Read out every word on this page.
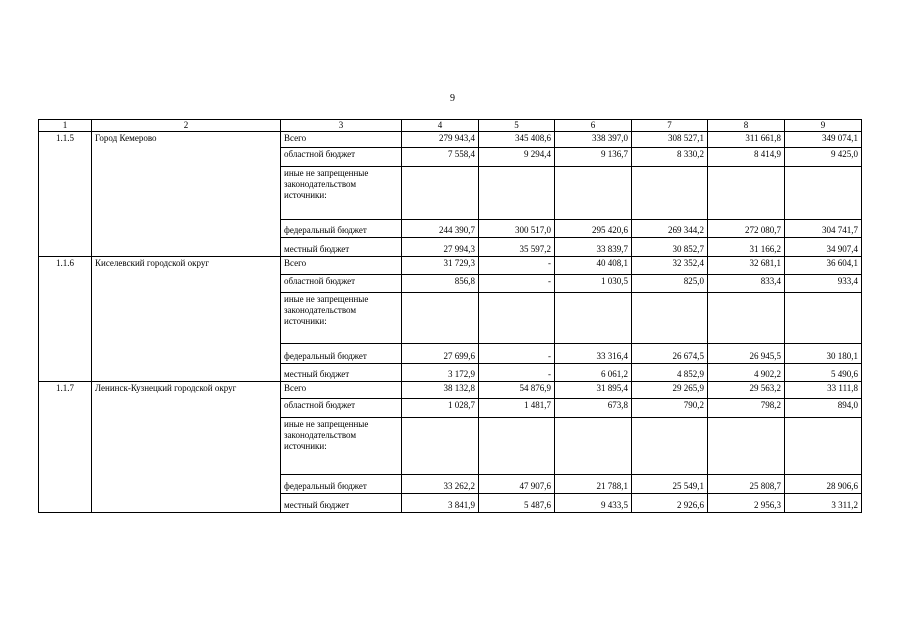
9
1	2	3	4	5	6	7	8	9
1.1.5	Город Кемерово	Всего	279 943,4	345 408,6	338 397,0	308 527,1	311 661,8	349 074,1
		областной бюджет	7 558,4	9 294,4	9 136,7	8 330,2	8 414,9	9 425,0
		иные не запрещенные законодательством источники:						
		федеральный бюджет	244 390,7	300 517,0	295 420,6	269 344,2	272 080,7	304 741,7
		местный бюджет	27 994,3	35 597,2	33 839,7	30 852,7	31 166,2	34 907,4
1.1.6	Киселевский городской округ	Всего	31 729,3	-	40 408,1	32 352,4	32 681,1	36 604,1
		областной бюджет	856,8	-	1 030,5	825,0	833,4	933,4
		иные не запрещенные законодательством источники:						
		федеральный бюджет	27 699,6	-	33 316,4	26 674,5	26 945,5	30 180,1
		местный бюджет	3 172,9	-	6 061,2	4 852,9	4 902,2	5 490,6
1.1.7	Ленинск-Кузнецкий городской округ	Всего	38 132,8	54 876,9	31 895,4	29 265,9	29 563,2	33 111,8
		областной бюджет	1 028,7	1 481,7	673,8	790,2	798,2	894,0
		иные не запрещенные законодательством источники:						
		федеральный бюджет	33 262,2	47 907,6	21 788,1	25 549,1	25 808,7	28 906,6
		местный бюджет	3 841,9	5 487,6	9 433,5	2 926,6	2 956,3	3 311,2
